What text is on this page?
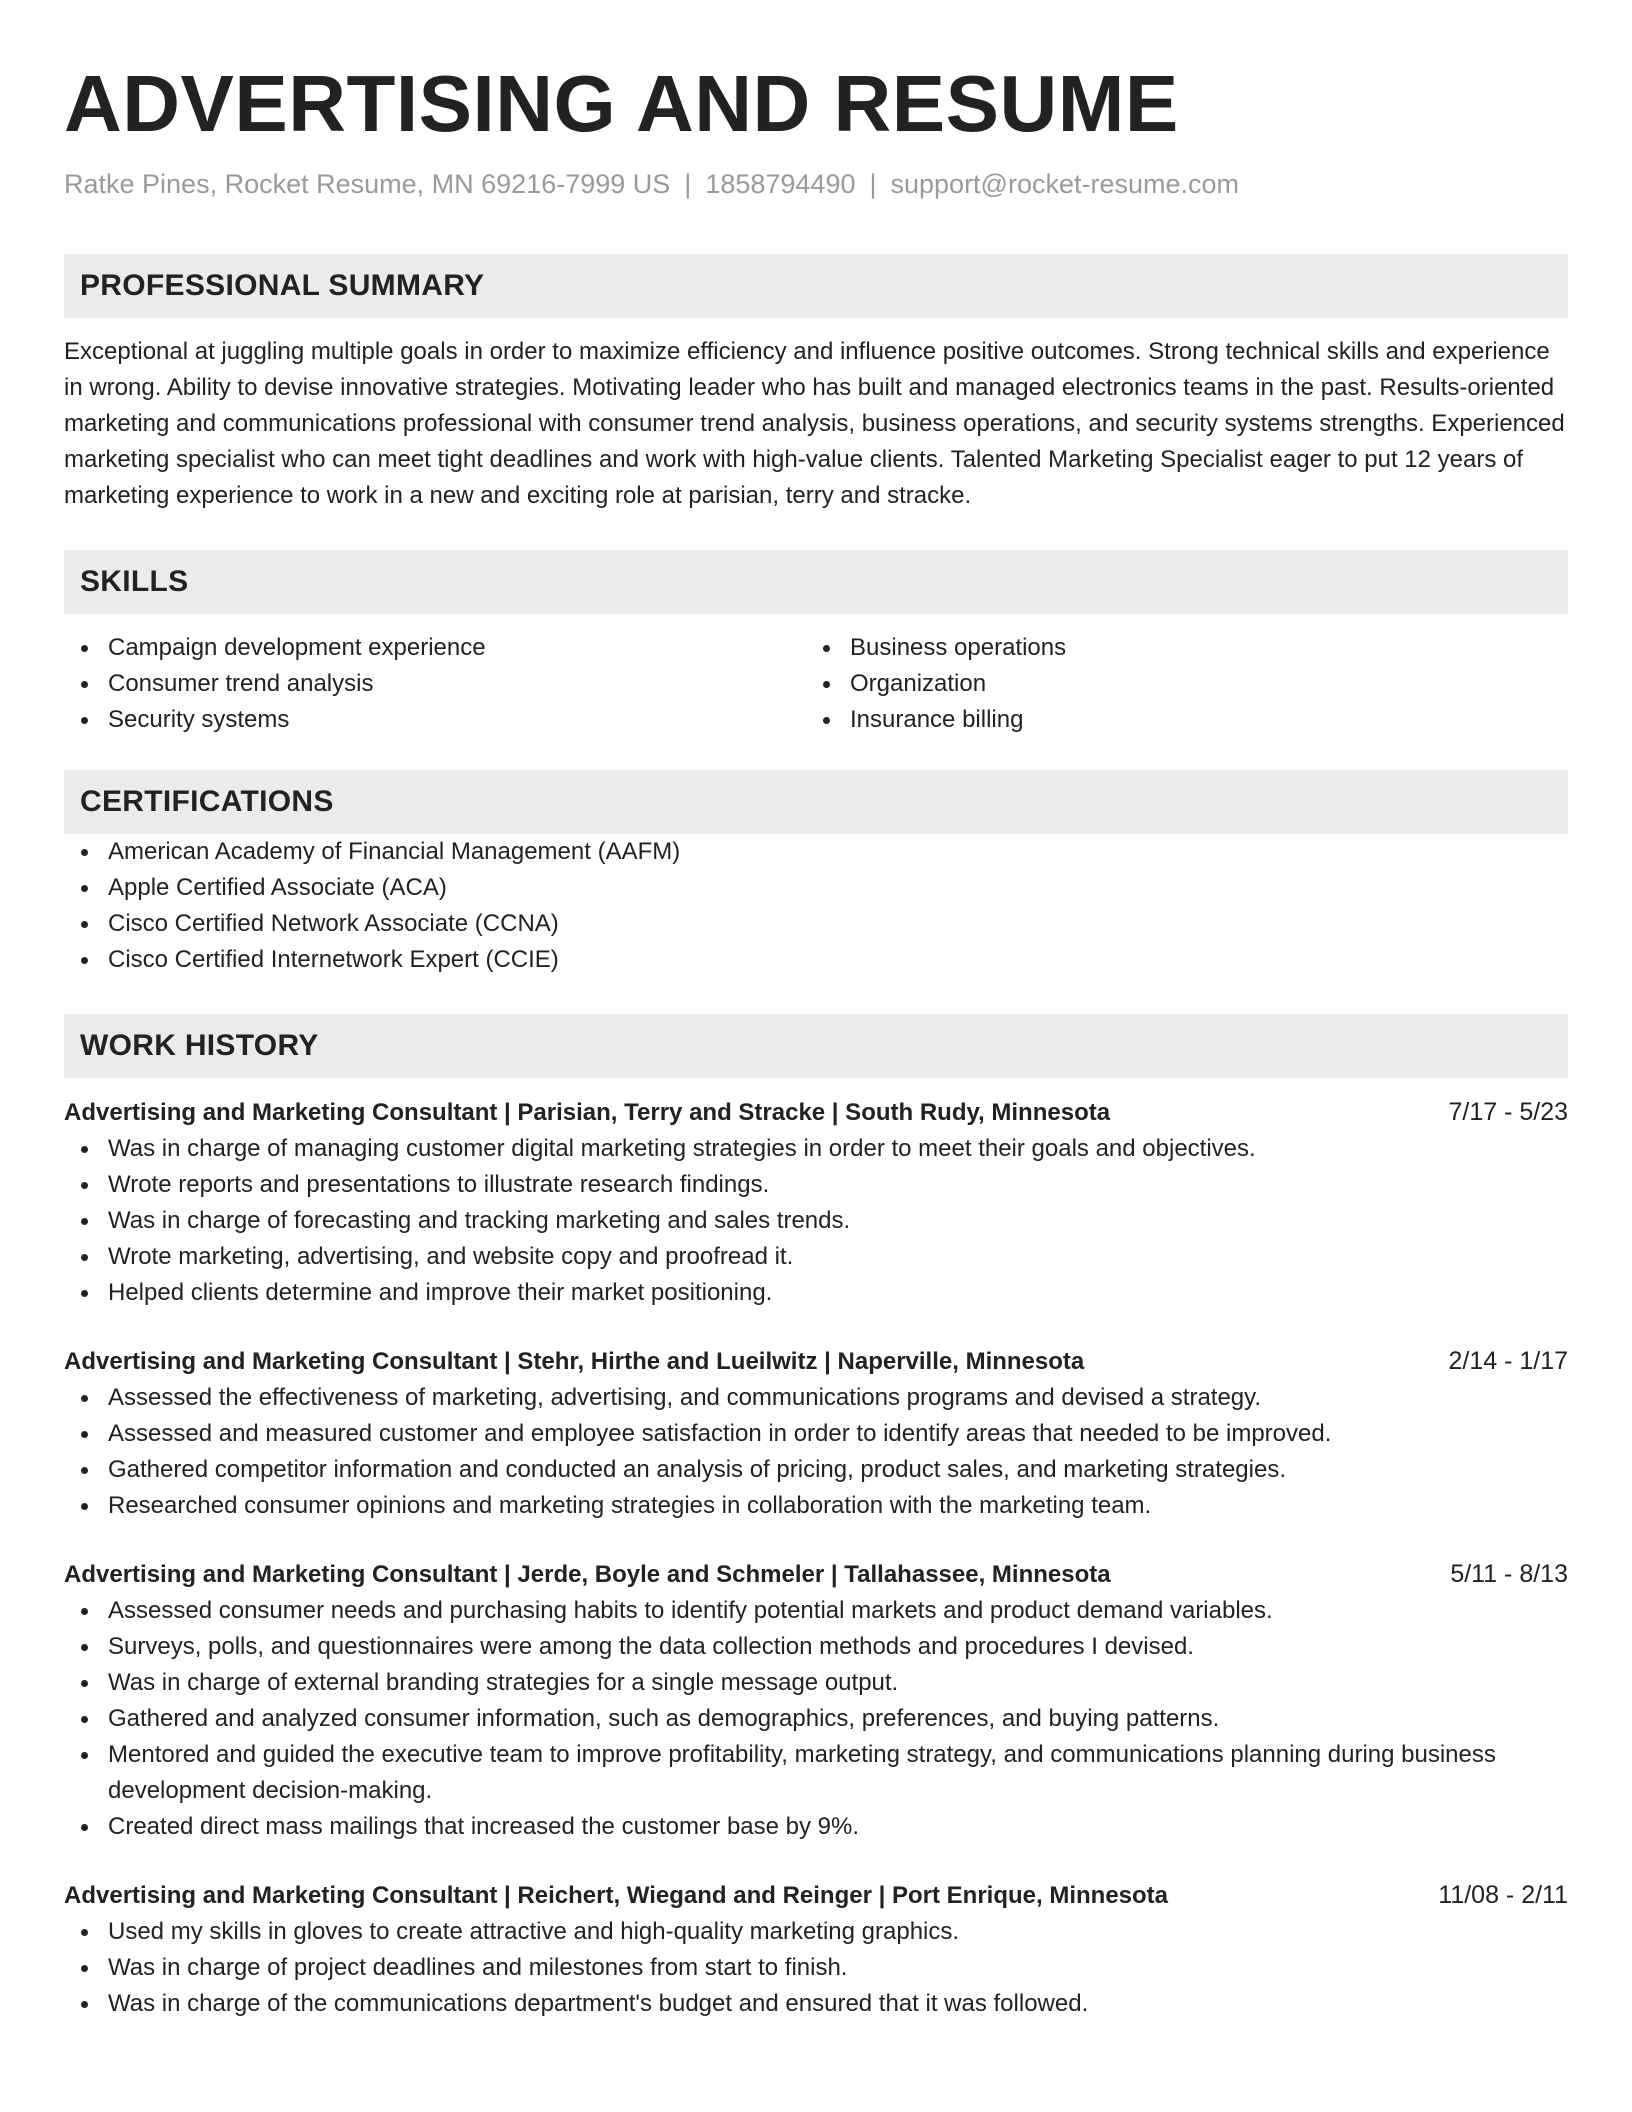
ADVERTISING AND RESUME
Ratke Pines, Rocket Resume, MN 69216-7999 US | 1858794490 | support@rocket-resume.com
PROFESSIONAL SUMMARY
Exceptional at juggling multiple goals in order to maximize efficiency and influence positive outcomes. Strong technical skills and experience in wrong. Ability to devise innovative strategies. Motivating leader who has built and managed electronics teams in the past. Results-oriented marketing and communications professional with consumer trend analysis, business operations, and security systems strengths. Experienced marketing specialist who can meet tight deadlines and work with high-value clients. Talented Marketing Specialist eager to put 12 years of marketing experience to work in a new and exciting role at parisian, terry and stracke.
SKILLS
Campaign development experience
Consumer trend analysis
Security systems
Business operations
Organization
Insurance billing
CERTIFICATIONS
American Academy of Financial Management (AAFM)
Apple Certified Associate (ACA)
Cisco Certified Network Associate (CCNA)
Cisco Certified Internetwork Expert (CCIE)
WORK HISTORY
Advertising and Marketing Consultant | Parisian, Terry and Stracke | South Rudy, Minnesota	7/17 - 5/23
Was in charge of managing customer digital marketing strategies in order to meet their goals and objectives.
Wrote reports and presentations to illustrate research findings.
Was in charge of forecasting and tracking marketing and sales trends.
Wrote marketing, advertising, and website copy and proofread it.
Helped clients determine and improve their market positioning.
Advertising and Marketing Consultant | Stehr, Hirthe and Lueilwitz | Naperville, Minnesota	2/14 - 1/17
Assessed the effectiveness of marketing, advertising, and communications programs and devised a strategy.
Assessed and measured customer and employee satisfaction in order to identify areas that needed to be improved.
Gathered competitor information and conducted an analysis of pricing, product sales, and marketing strategies.
Researched consumer opinions and marketing strategies in collaboration with the marketing team.
Advertising and Marketing Consultant | Jerde, Boyle and Schmeler | Tallahassee, Minnesota	5/11 - 8/13
Assessed consumer needs and purchasing habits to identify potential markets and product demand variables.
Surveys, polls, and questionnaires were among the data collection methods and procedures I devised.
Was in charge of external branding strategies for a single message output.
Gathered and analyzed consumer information, such as demographics, preferences, and buying patterns.
Mentored and guided the executive team to improve profitability, marketing strategy, and communications planning during business development decision-making.
Created direct mass mailings that increased the customer base by 9%.
Advertising and Marketing Consultant | Reichert, Wiegand and Reinger | Port Enrique, Minnesota	11/08 - 2/11
Used my skills in gloves to create attractive and high-quality marketing graphics.
Was in charge of project deadlines and milestones from start to finish.
Was in charge of the communications department's budget and ensured that it was followed.
